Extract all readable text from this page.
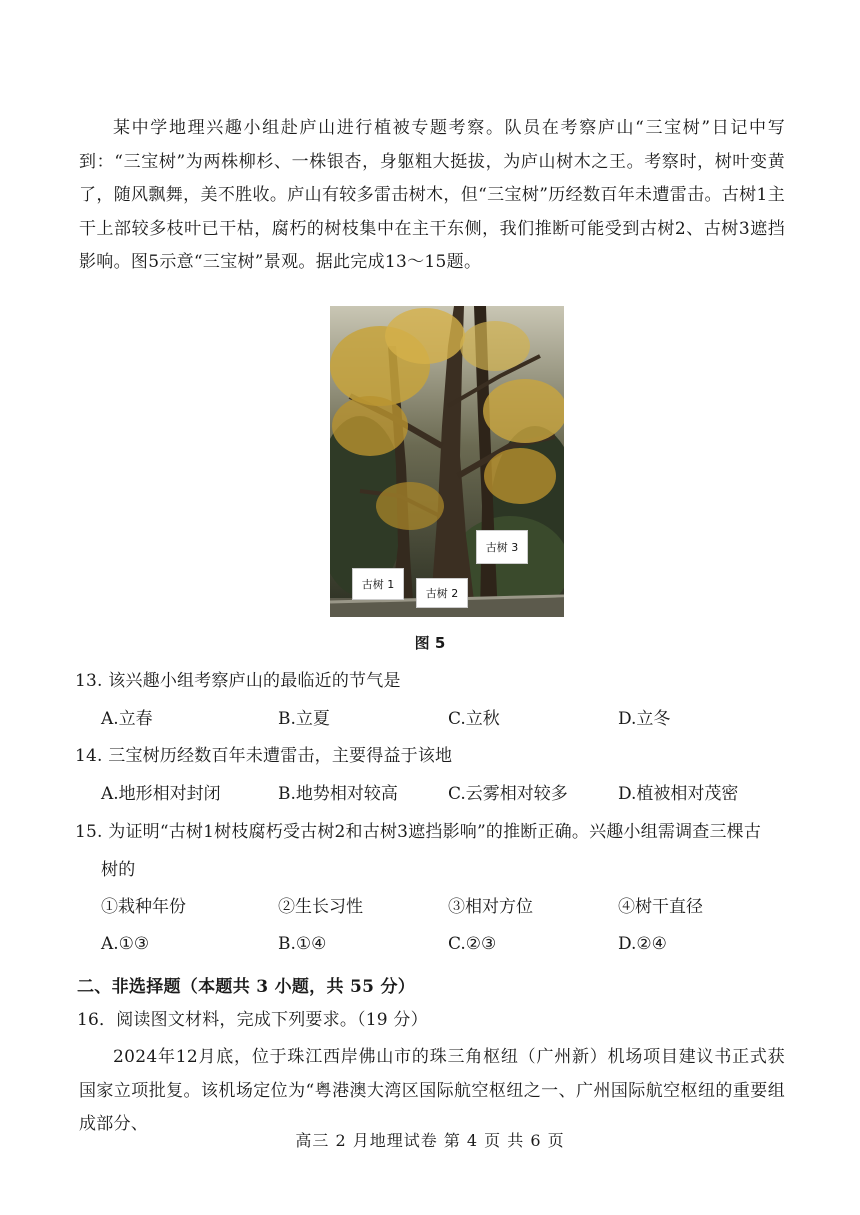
某中学地理兴趣小组赴庐山进行植被专题考察。队员在考察庐山“三宝树”日记中写到：“三宝树”为两株柳杉、一株银杏，身躯粗大挺拔，为庐山树木之王。考察时，树叶变黄了，随风飘舞，美不胜收。庐山有较多雷击树木，但“三宝树”历经数百年未遭雷击。古树1主干上部较多枝叶已干枯，腐朽的树枝集中在主干东侧，我们推断可能受到古树2、古树3遮挡影响。图5示意“三宝树”景观。据此完成13～15题。

古树 1
古树 2
古树 3
图 5
13. 该兴趣小组考察庐山的最临近的节气是
A.立春	B.立夏	C.立秋	D.立冬
14. 三宝树历经数百年未遭雷击，主要得益于该地
A.地形相对封闭	B.地势相对较高	C.云雾相对较多	D.植被相对茂密
15. 为证明“古树1树枝腐朽受古树2和古树3遮挡影响”的推断正确。兴趣小组需调查三棵古
树的
①栽种年份	②生长习性	③相对方位	④树干直径
A.①③	B.①④	C.②③	D.②④
二、非选择题（本题共 3 小题，共 55 分）
16．阅读图文材料，完成下列要求。（19 分）

2024年12月底，位于珠江西岸佛山市的珠三角枢纽（广州新）机场项目建议书正式获国家立项批复。该机场定位为“粤港澳大湾区国际航空枢纽之一、广州国际航空枢纽的重要组成部分、

高三 2 月地理试卷 第 4 页 共 6 页
